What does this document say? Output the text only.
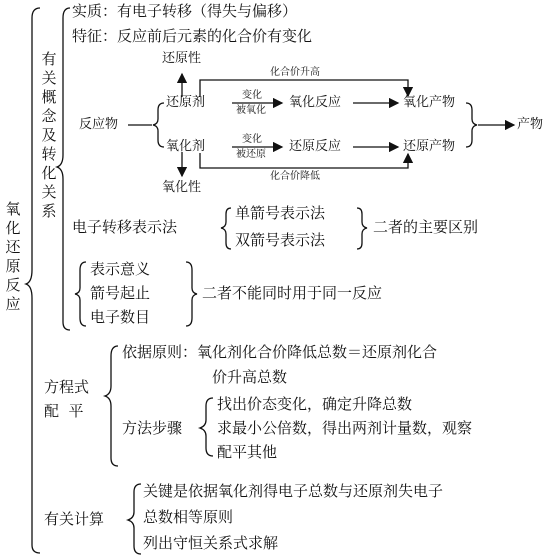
氧化还原反应
有关概念及转化关系
实质：有电子转移（得失与偏移）
特征：反应前后元素的化合价有变化
还原性
化合价升高
还原剂	变化
被氧化
氧化反应	氧化产物
反应物	产物
氧化剂	变化
被还原
还原反应	还原产物
化合价降低
氧化性
电子转移表示法
单箭号表示法
双箭号表示法
二者的主要区别
表示意义
箭号起止
电子数目
二者不能同时用于同一反应
方程式
配  平
依据原则：氧化剂化合价降低总数＝还原剂化合
价升高总数
方法步骤
找出价态变化，确定升降总数
求最小公倍数，得出两剂计量数，观察
配平其他
有关计算
关键是依据氧化剂得电子总数与还原剂失电子
总数相等原则
列出守恒关系式求解
